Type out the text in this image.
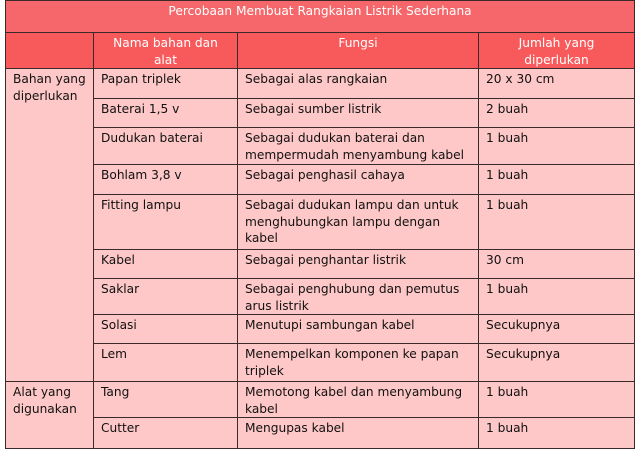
Percobaan Membuat Rangkaian Listrik Sederhana			
	Nama bahan dan alat	Fungsi	Jumlah yang diperlukan
Bahan yang diperlukan	Papan triplek	Sebagai alas rangkaian	20 x 30 cm
	Baterai 1,5 v	Sebagai sumber listrik	2 buah
	Dudukan baterai	Sebagai dudukan baterai dan mempermudah menyambung kabel	1 buah
	Bohlam 3,8 v	Sebagai penghasil cahaya	1 buah
	Fitting lampu	Sebagai dudukan lampu dan untuk menghubungkan lampu dengan kabel	1 buah
	Kabel	Sebagai penghantar listrik	30 cm
	Saklar	Sebagai penghubung dan pemutus arus listrik	1 buah
	Solasi	Menutupi sambungan kabel	Secukupnya
	Lem	Menempelkan komponen ke papan triplek	Secukupnya
Alat yang digunakan	Tang	Memotong kabel dan menyambung kabel	1 buah
	Cutter	Mengupas kabel	1 buah
